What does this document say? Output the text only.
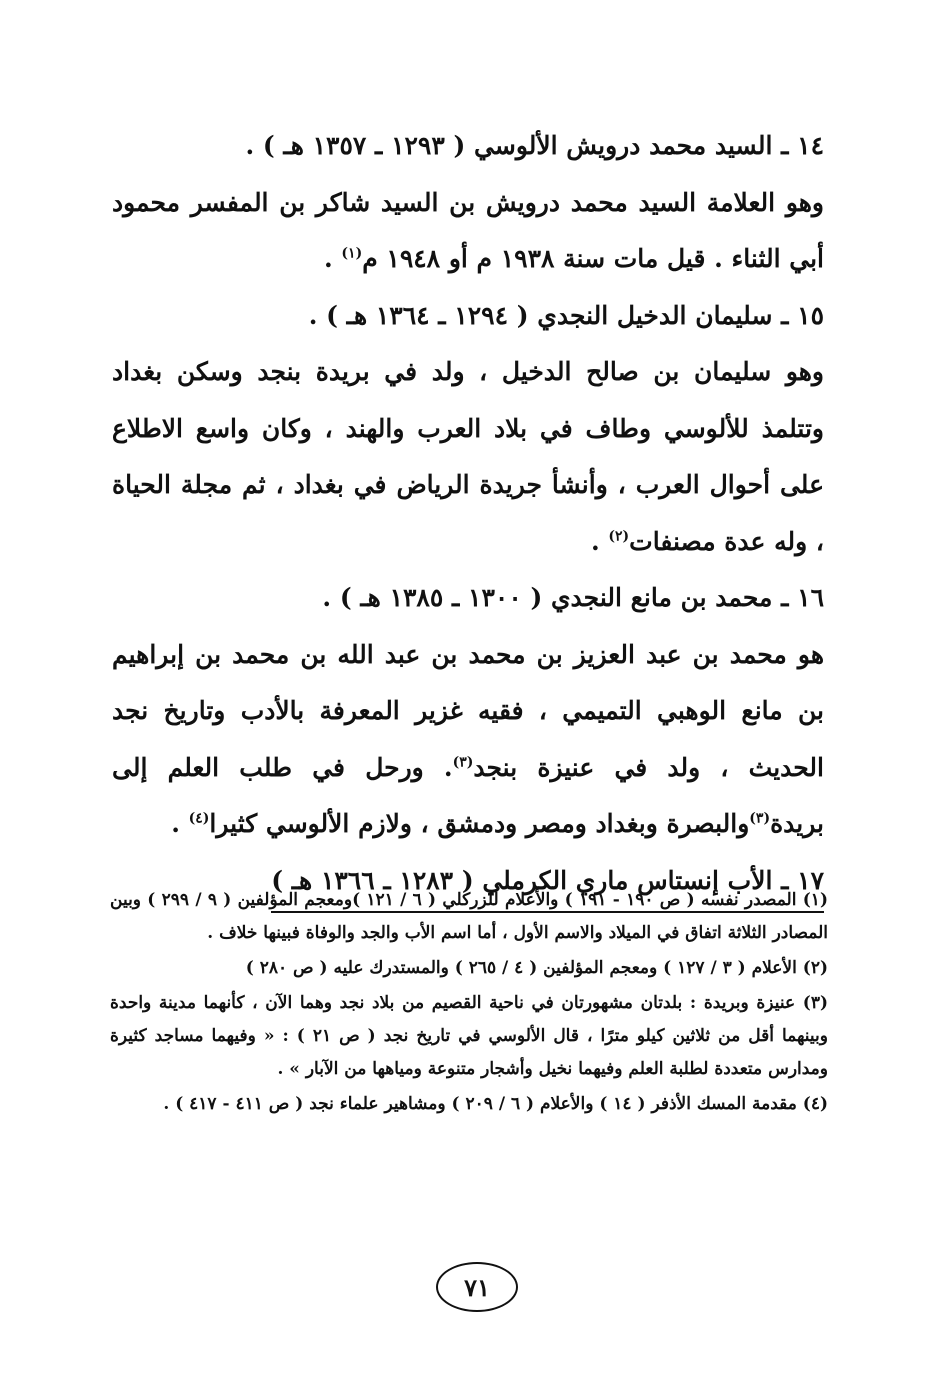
١٤ ـ السيد محمد درويش الألوسي ( ١٢٩٣ ـ ١٣٥٧ هـ ) .

وهو العلامة السيد محمد درويش بن السيد شاكر بن المفسر محمود أبي الثناء . قيل مات سنة ١٩٣٨ م أو ١٩٤٨ م$^{(١)}$ .

١٥ ـ سليمان الدخيل النجدي ( ١٢٩٤ ـ ١٣٦٤ هـ ) .

وهو سليمان بن صالح الدخيل ، ولد في بريدة بنجد وسكن بغداد وتتلمذ للألوسي وطاف في بلاد العرب والهند ، وكان واسع الاطلاع على أحوال العرب ، وأنشأ جريدة الرياض في بغداد ، ثم مجلة الحياة ، وله عدة مصنفات$^{(٢)}$ .

١٦ ـ محمد بن مانع النجدي ( ١٣٠٠ ـ ١٣٨٥ هـ ) .

هو محمد بن عبد العزيز بن محمد بن عبد الله بن محمد بن إبراهيم بن مانع الوهبي التميمي ، فقيه غزير المعرفة بالأدب وتاريخ نجد الحديث ، ولد في عنيزة بنجد$^{(٣)}$. ورحل في طلب العلم إلى بريدة$^{(٣)}$والبصرة وبغداد ومصر ودمشق ، ولازم الألوسي كثيرا$^{(٤)}$ .

١٧ ـ الأب إنستاس ماري الكرملي ( ١٢٨٣ ـ ١٣٦٦ هـ )

(١) المصدر نفسه ( ص ١٩٠ - ١٩١ ) والأعلام للزركلي ( ٦ / ١٢١ )ومعجم المؤلفين ( ٩ / ٢٩٩ ) وبين المصادر الثلاثة اتفاق في الميلاد والاسم الأول ، أما اسم الأب والجد والوفاة فبينها خلاف .

(٢) الأعلام ( ٣ / ١٢٧ ) ومعجم المؤلفين ( ٤ / ٢٦٥ ) والمستدرك عليه ( ص ٢٨٠ )

(٣) عنيزة وبريدة : بلدتان مشهورتان في ناحية القصيم من بلاد نجد وهما الآن ، كأنهما مدينة واحدة وبينهما أقل من ثلاثين كيلو مترًا ، قال الألوسي في تاريخ نجد ( ص ٢١ ) : « وفيهما مساجد كثيرة ومدارس متعددة لطلبة العلم وفيهما نخيل وأشجار متنوعة ومياهها من الآبار » .

(٤) مقدمة المسك الأذفر ( ١٤ ) والأعلام ( ٦ / ٢٠٩ ) ومشاهير علماء نجد ( ص ٤١١ - ٤١٧ ) .

٧١
